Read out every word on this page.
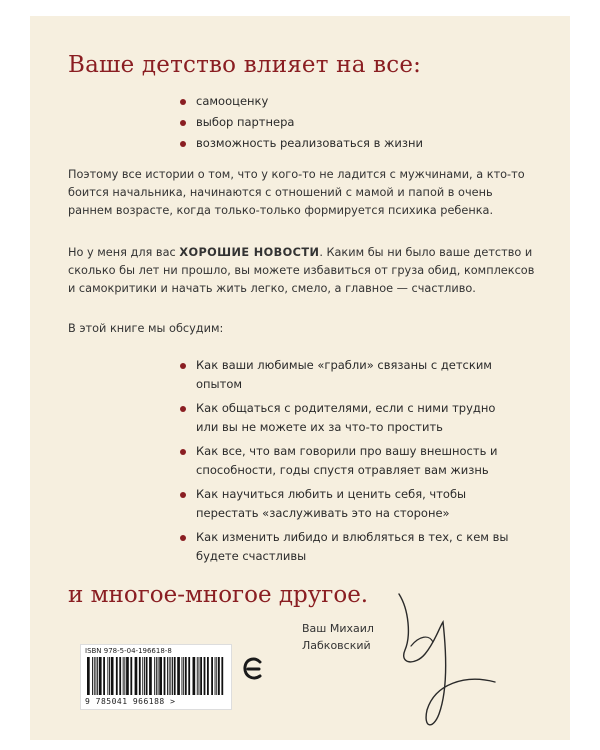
Ваше детство влияет на все:
самооценку
выбор партнера
возможность реализоваться в жизни

Поэтому все истории о том, что у кого-то не ладится с мужчинами, а кто-то боится начальника, начинаются с отношений с мамой и папой в очень раннем возрасте, когда только-только формируется психика ребенка.

Но у меня для вас ХОРОШИЕ НОВОСТИ. Каким бы ни было ваше детство и сколько бы лет ни прошло, вы можете избавиться от груза обид, комплексов и самокритики и начать жить легко, смело, а главное — счастливо.

В этой книге мы обсудим:

Как ваши любимые «грабли» связаны с детским опытом
Как общаться с родителями, если с ними трудно или вы не можете их за что-то простить
Как все, что вам говорили про вашу внешность и способности, годы спустя отравляет вам жизнь
Как научиться любить и ценить себя, чтобы перестать «заслуживать это на стороне»
Как изменить либидо и влюбляться в тех, с кем вы будете счастливы
и многое-многое другое.
Ваш Михаил
Лабковский
ISBN 978-5-04-196618-8
9 785041 966188 >
